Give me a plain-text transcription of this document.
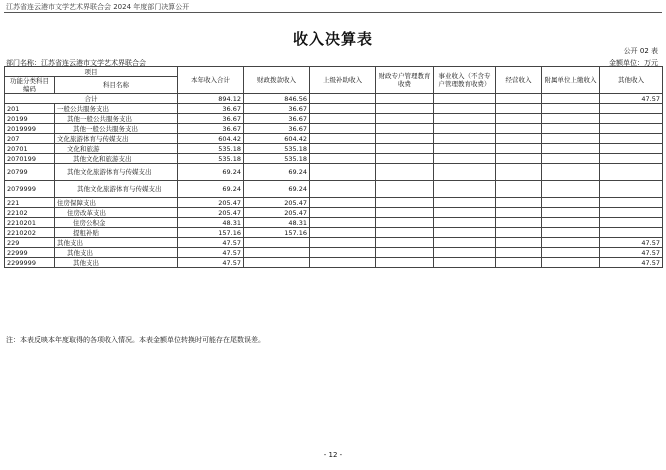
江苏省连云港市文学艺术界联合会 2024 年度部门决算公开
收入决算表
公开 02 表
部门名称：江苏省连云港市文学艺术界联合会	金额单位：万元
项目		本年收入合计	财政拨款收入	上级补助收入	财政专户管理教育收费	事业收入（不含专户管理教育收费）	经营收入	附属单位上缴收入	其他收入
功能分类科目编码	科目名称								
合计		894.12	846.56						47.57
201	一般公共服务支出	36.67	36.67						
20199	其他一般公共服务支出	36.67	36.67						
2019999	其他一般公共服务支出	36.67	36.67						
207	文化旅游体育与传媒支出	604.42	604.42						
20701	文化和旅游	535.18	535.18						
2070199	其他文化和旅游支出	535.18	535.18						
20799	其他文化旅游体育与传媒支出	69.24	69.24						
2079999	其他文化旅游体育与传媒支出	69.24	69.24						
221	住房保障支出	205.47	205.47						
22102	住房改革支出	205.47	205.47						
2210201	住房公积金	48.31	48.31						
2210202	提租补贴	157.16	157.16						
229	其他支出	47.57							47.57
22999	其他支出	47.57							47.57
2299999	其他支出	47.57							47.57
注：本表反映本年度取得的各项收入情况。本表金额单位转换时可能存在尾数误差。
- 12 -
